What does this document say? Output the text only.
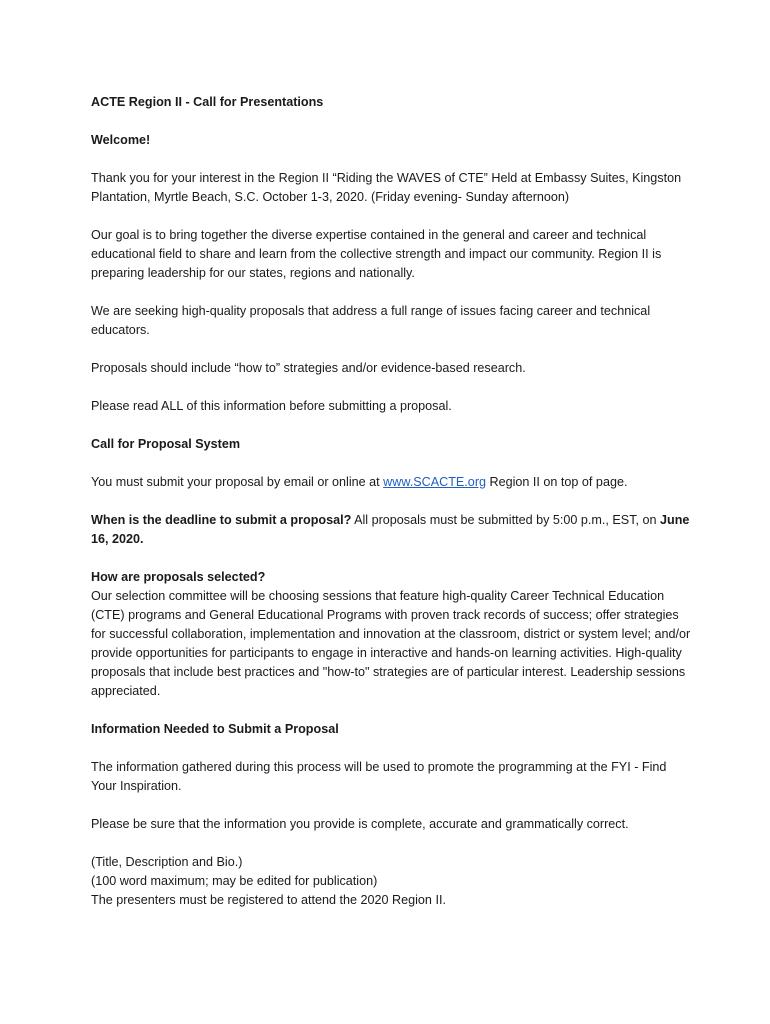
ACTE Region II - Call for Presentations

Welcome!

Thank you for your interest in the Region II “Riding the WAVES of CTE” Held at Embassy Suites, Kingston Plantation, Myrtle Beach, S.C. October 1-3, 2020. (Friday evening- Sunday afternoon)

Our goal is to bring together the diverse expertise contained in the general and career and technical educational field to share and learn from the collective strength and impact our community. Region II is preparing leadership for our states, regions and nationally.

We are seeking high-quality proposals that address a full range of issues facing career and technical educators.

Proposals should include “how to” strategies and/or evidence-based research.

Please read ALL of this information before submitting a proposal.

Call for Proposal System

You must submit your proposal by email or online at www.SCACTE.org Region II on top of page.

When is the deadline to submit a proposal? All proposals must be submitted by 5:00 p.m., EST, on June 16, 2020.

How are proposals selected?

Our selection committee will be choosing sessions that feature high-quality Career Technical Education (CTE) programs and General Educational Programs with proven track records of success; offer strategies for successful collaboration, implementation and innovation at the classroom, district or system level; and/or provide opportunities for participants to engage in interactive and hands-on learning activities. High-quality proposals that include best practices and "how-to" strategies are of particular interest. Leadership sessions appreciated.

Information Needed to Submit a Proposal

The information gathered during this process will be used to promote the programming at the FYI - Find Your Inspiration.

Please be sure that the information you provide is complete, accurate and grammatically correct.

(Title, Description and Bio.)

(100 word maximum; may be edited for publication)

The presenters must be registered to attend the 2020 Region II.
